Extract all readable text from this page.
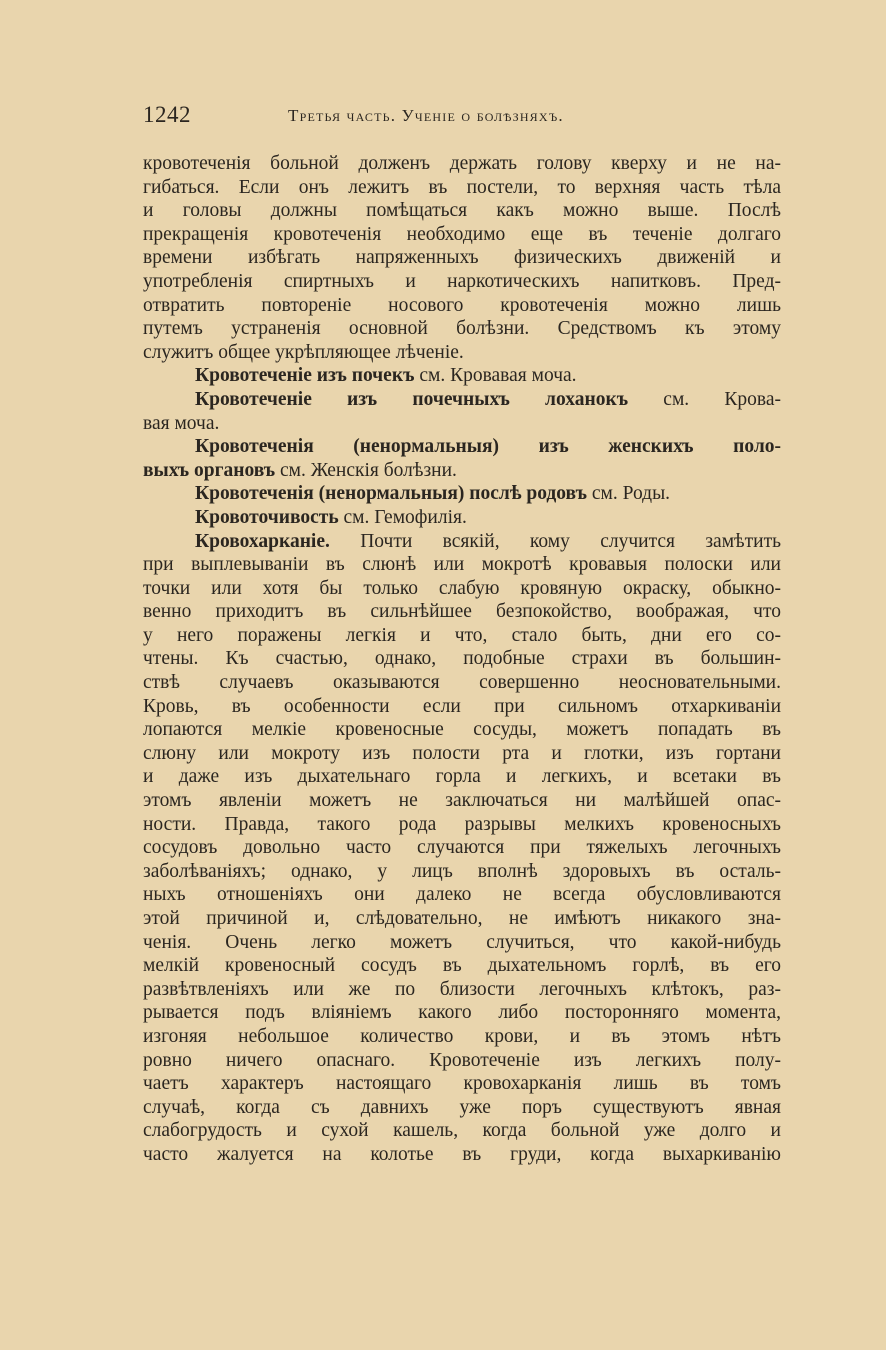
1242	Третья часть. Ученіе о болѣзняхъ.
кровотеченія больной долженъ держать голову кверху и не на-
гибаться. Если онъ лежитъ въ постели, то верхняя часть тѣла
и головы должны помѣщаться какъ можно выше. Послѣ
прекращенія кровотеченія необходимо еще въ теченіе долгаго
времени избѣгать напряженныхъ физическихъ движеній и
употребленія спиртныхъ и наркотическихъ напитковъ. Пред-
отвратить повтореніе носового кровотеченія можно лишь
путемъ устраненія основной болѣзни. Средствомъ къ этому
служитъ общее укрѣпляющее лѣченіе.
Кровотеченіе изъ почекъ см. Кровавая моча.
Кровотеченіе изъ почечныхъ лоханокъ см. Крова-
вая моча.
Кровотеченія (ненормальныя) изъ женскихъ поло-
выхъ органовъ см. Женскія болѣзни.
Кровотеченія (ненормальныя) послѣ родовъ см. Роды.
Кровоточивость см. Гемофилія.
Кровохарканіе. Почти всякій, кому случится замѣтить
при выплевываніи въ слюнѣ или мокротѣ кровавыя полоски или
точки или хотя бы только слабую кровяную окраску, обыкно-
венно приходитъ въ сильнѣйшее безпокойство, воображая, что
у него поражены легкія и что, стало быть, дни его со-
чтены. Къ счастью, однако, подобные страхи въ большин-
ствѣ случаевъ оказываются совершенно неосновательными.
Кровь, въ особенности если при сильномъ отхаркиваніи
лопаются мелкіе кровеносные сосуды, можетъ попадать въ
слюну или мокроту изъ полости рта и глотки, изъ гортани
и даже изъ дыхательнаго горла и легкихъ, и всетаки въ
этомъ явленіи можетъ не заключаться ни малѣйшей опас-
ности. Правда, такого рода разрывы мелкихъ кровеносныхъ
сосудовъ довольно часто случаются при тяжелыхъ легочныхъ
заболѣваніяхъ; однако, у лицъ вполнѣ здоровыхъ въ осталь-
ныхъ отношеніяхъ они далеко не всегда обусловливаются
этой причиной и, слѣдовательно, не имѣютъ никакого зна-
ченія. Очень легко можетъ случиться, что какой-нибудь
мелкій кровеносный сосудъ въ дыхательномъ горлѣ, въ его
развѣтвленіяхъ или же по близости легочныхъ клѣтокъ, раз-
рывается подъ вліяніемъ какого либо посторонняго момента,
изгоняя небольшое количество крови, и въ этомъ нѣтъ
ровно ничего опаснаго. Кровотеченіе изъ легкихъ полу-
чаетъ характеръ настоящаго кровохарканія лишь въ томъ
случаѣ, когда съ давнихъ уже поръ существуютъ явная
слабогрудость и сухой кашель, когда больной уже долго и
часто жалуется на колотье въ груди, когда выхаркиванію
